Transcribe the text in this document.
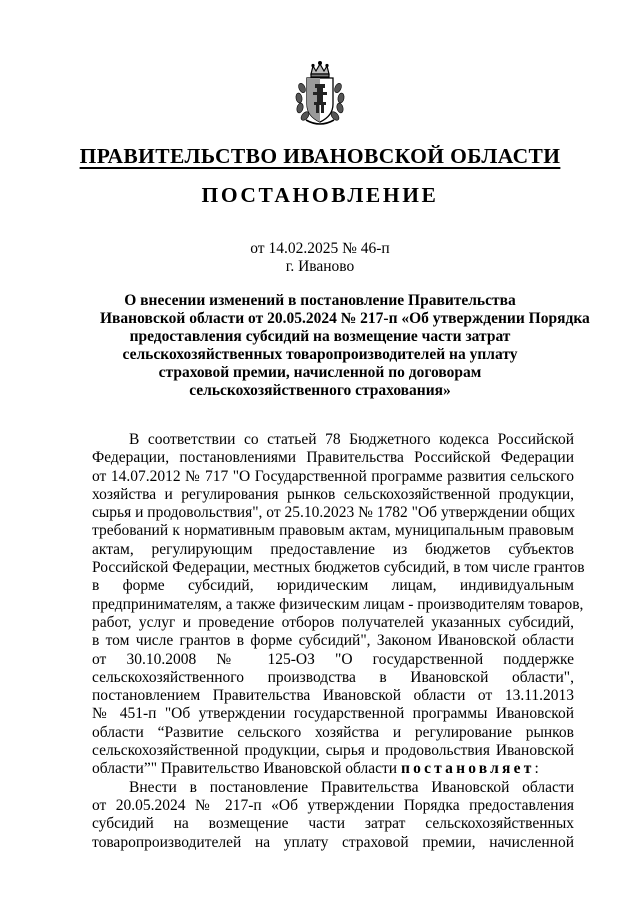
ПРАВИТЕЛЬСТВО ИВАНОВСКОЙ ОБЛАСТИ
ПОСТАНОВЛЕНИЕ
от 14.02.2025 № 46-п
г. Иваново
О внесении изменений в постановление Правительства
Ивановской области от 20.05.2024 № 217-п «Об утверждении Порядка
предоставления субсидий на возмещение части затрат
сельскохозяйственных товаропроизводителей на уплату
страховой премии, начисленной по договорам
сельскохозяйственного страхования»
В соответствии со статьей 78 Бюджетного кодекса Российской
Федерации, постановлениями Правительства Российской Федерации
от 14.07.2012 № 717 "О Государственной программе развития сельского
хозяйства и регулирования рынков сельскохозяйственной продукции,
сырья и продовольствия", от 25.10.2023 № 1782 "Об утверждении общих
требований к нормативным правовым актам, муниципальным правовым
актам, регулирующим предоставление из бюджетов субъектов
Российской Федерации, местных бюджетов субсидий, в том числе грантов
в форме субсидий, юридическим лицам, индивидуальным
предпринимателям, а также физическим лицам - производителям товаров,
работ, услуг и проведение отборов получателей указанных субсидий,
в том числе грантов в форме субсидий", Законом Ивановской области
от 30.10.2008 № 125-ОЗ "О государственной поддержке
сельскохозяйственного производства в Ивановской области",
постановлением Правительства Ивановской области от 13.11.2013
№ 451-п "Об утверждении государственной программы Ивановской
области “Развитие сельского хозяйства и регулирование рынков
сельскохозяйственной продукции, сырья и продовольствия Ивановской
области”" Правительство Ивановской области постановляет:
Внести в постановление Правительства Ивановской области
от 20.05.2024 № 217-п «Об утверждении Порядка предоставления
субсидий на возмещение части затрат сельскохозяйственных
товаропроизводителей на уплату страховой премии, начисленной
